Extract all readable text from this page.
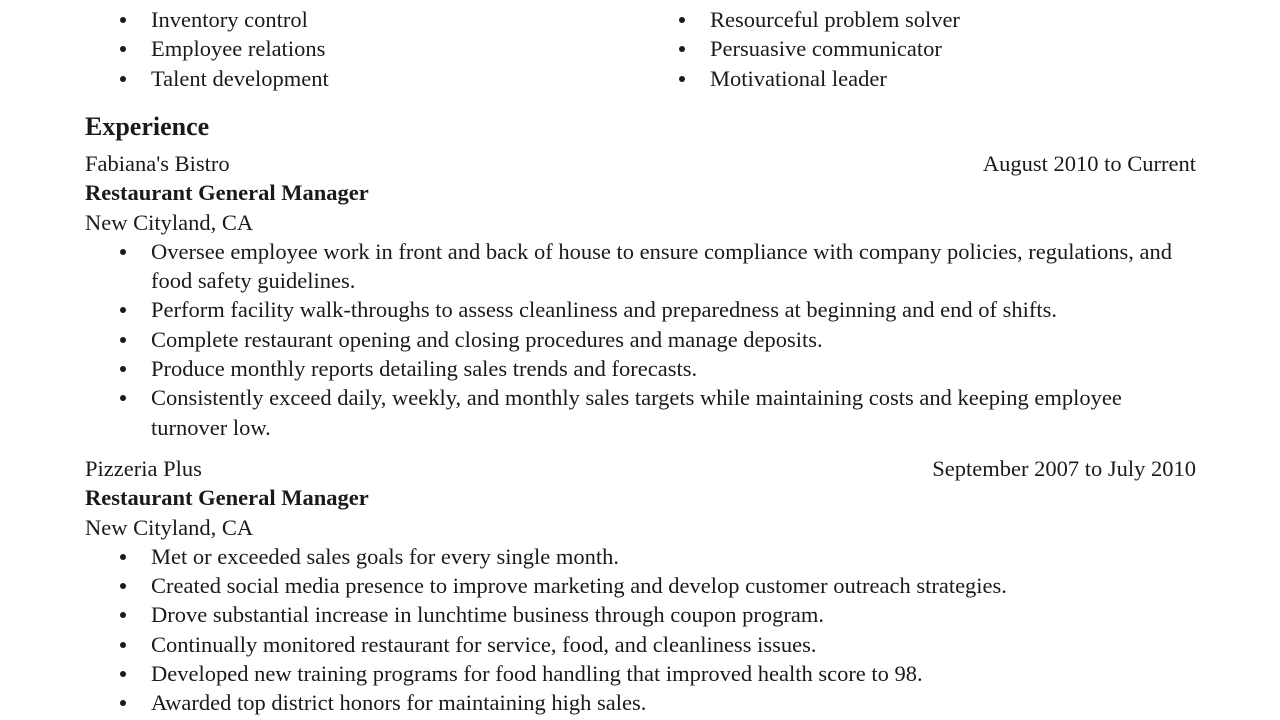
Inventory control
Employee relations
Talent development
Resourceful problem solver
Persuasive communicator
Motivational leader
Experience
Fabiana's Bistro	August 2010 to Current
Restaurant General Manager
New Cityland, CA
Oversee employee work in front and back of house to ensure compliance with company policies, regulations, and food safety guidelines.
Perform facility walk-throughs to assess cleanliness and preparedness at beginning and end of shifts.
Complete restaurant opening and closing procedures and manage deposits.
Produce monthly reports detailing sales trends and forecasts.
Consistently exceed daily, weekly, and monthly sales targets while maintaining costs and keeping employee turnover low.
Pizzeria Plus	September 2007 to July 2010
Restaurant General Manager
New Cityland, CA
Met or exceeded sales goals for every single month.
Created social media presence to improve marketing and develop customer outreach strategies.
Drove substantial increase in lunchtime business through coupon program.
Continually monitored restaurant for service, food, and cleanliness issues.
Developed new training programs for food handling that improved health score to 98.
Awarded top district honors for maintaining high sales.
